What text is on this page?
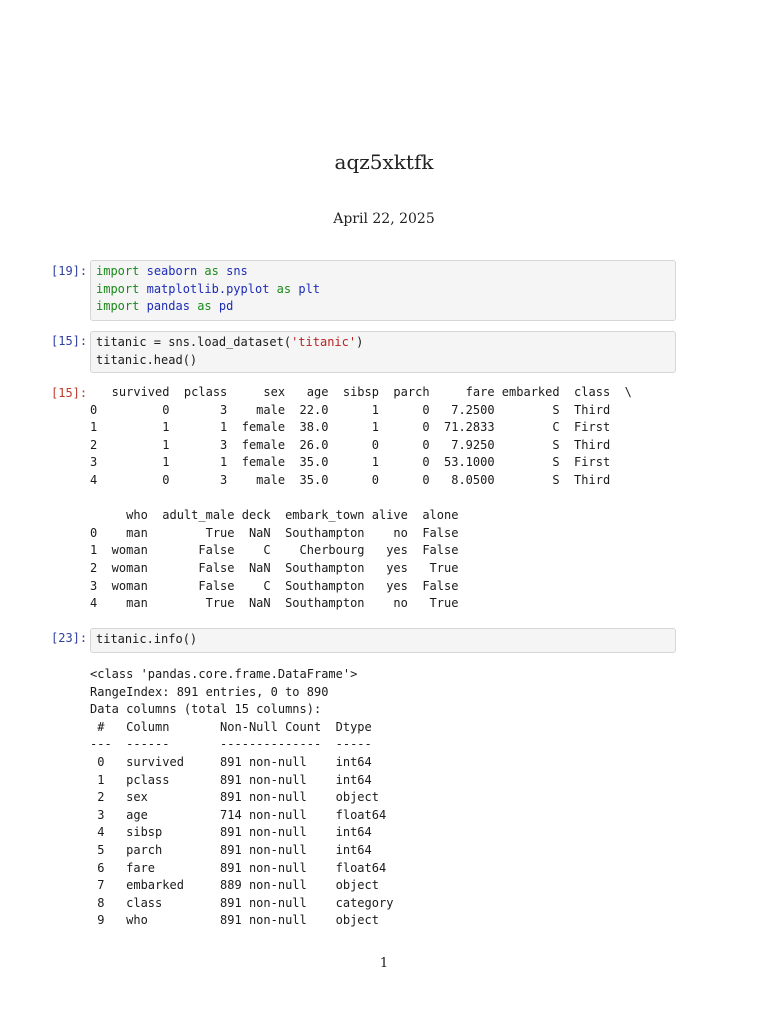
aqz5xktfk
April 22, 2025
[19]: import seaborn as sns
import matplotlib.pyplot as plt
import pandas as pd
[15]: titanic = sns.load_dataset('titanic')
titanic.head()
[15]:	survived  pclass     sex   age  sibsp  parch     fare embarked  class  \
0         0       3    male  22.0      1      0   7.2500        S  Third
1         1       1  female  38.0      1      0  71.2833        C  First
2         1       3  female  26.0      0      0   7.9250        S  Third
3         1       1  female  35.0      1      0  53.1000        S  First
4         0       3    male  35.0      0      0   8.0500        S  Third

who  adult_male deck  embark_town alive  alone
0    man        True  NaN  Southampton    no  False
1  woman       False    C    Cherbourg   yes  False
2  woman       False  NaN  Southampton   yes   True
3  woman       False    C  Southampton   yes  False
4    man        True  NaN  Southampton    no   True
[23]: titanic.info()
<class 'pandas.core.frame.DataFrame'>
RangeIndex: 891 entries, 0 to 890
Data columns (total 15 columns):
#   Column       Non-Null Count  Dtype
---  ------       --------------  -----
0   survived     891 non-null    int64
1   pclass       891 non-null    int64
2   sex          891 non-null    object
3   age          714 non-null    float64
4   sibsp        891 non-null    int64
5   parch        891 non-null    int64
6   fare         891 non-null    float64
7   embarked     889 non-null    object
8   class        891 non-null    category
9   who          891 non-null    object
1
